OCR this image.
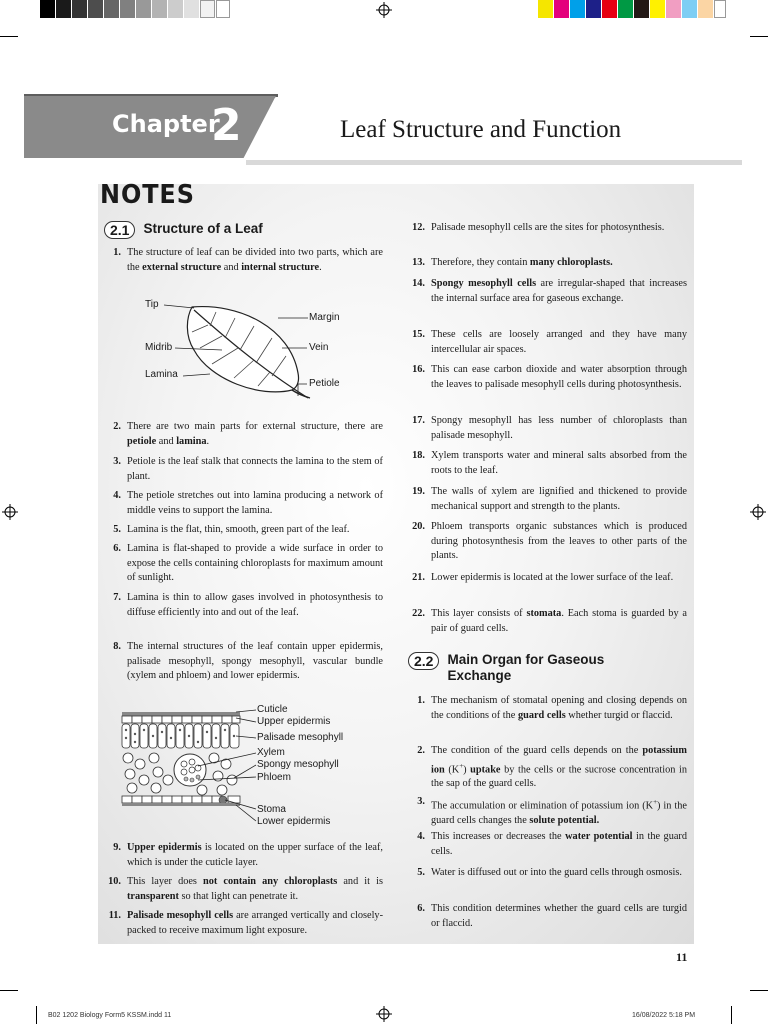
Chapter
2	Leaf Structure and Function
NOTES
2.1	Structure of a Leaf
1. The structure of leaf can be divided into two parts, which are the external structure and internal structure.
Tip
Midrib
Lamina
Margin
Vein
Petiole
2. There are two main parts for external structure, there are petiole and lamina.
3. Petiole is the leaf stalk that connects the lamina to the stem of plant.
4. The petiole stretches out into lamina producing a network of middle veins to support the lamina.
5. Lamina is the flat, thin, smooth, green part of the leaf.
6. Lamina is flat-shaped to provide a wide surface in order to expose the cells containing chloroplasts for maximum amount of sunlight.
7. Lamina is thin to allow gases involved in photosynthesis to diffuse efficiently into and out of the leaf.
8. The internal structures of the leaf contain upper epidermis, palisade mesophyll, spongy mesophyll, vascular bundle (xylem and phloem) and lower epidermis.
Cuticle
Upper epidermis
Palisade mesophyll
Xylem
Spongy mesophyll
Phloem
Stoma
Lower epidermis
9. Upper epidermis is located on the upper surface of the leaf, which is under the cuticle layer.
10. This layer does not contain any chloroplasts and it is transparent so that light can penetrate it.
11. Palisade mesophyll cells are arranged vertically and closely-packed to receive maximum light exposure.
12. Palisade mesophyll cells are the sites for photosynthesis.
13. Therefore, they contain many chloroplasts.
14. Spongy mesophyll cells are irregular-shaped that increases the internal surface area for gaseous exchange.
15. These cells are loosely arranged and they have many intercellular air spaces.
16. This can ease carbon dioxide and water absorption through the leaves to palisade mesophyll cells during photosynthesis.
17. Spongy mesophyll has less number of chloroplasts than palisade mesophyll.
18. Xylem transports water and mineral salts absorbed from the roots to the leaf.
19. The walls of xylem are lignified and thickened to provide mechanical support and strength to the plants.
20. Phloem transports organic substances which is produced during photosynthesis from the leaves to other parts of the plants.
21. Lower epidermis is located at the lower surface of the leaf.
22. This layer consists of stomata. Each stoma is guarded by a pair of guard cells.
2.2	Main Organ for Gaseous
Exchange
1. The mechanism of stomatal opening and closing depends on the conditions of the guard cells whether turgid or flaccid.
2. The condition of the guard cells depends on the potassium ion (K+) uptake by the cells or the sucrose concentration in the sap of the guard cells.
3. The accumulation or elimination of potassium ion (K+) in the guard cells changes the solute potential.
4. This increases or decreases the water potential in the guard cells.
5. Water is diffused out or into the guard cells through osmosis.
6. This condition determines whether the guard cells are turgid or flaccid.
11
B02 1202 Biology Form5 KSSM.indd 11	16/08/2022 5:18 PM
